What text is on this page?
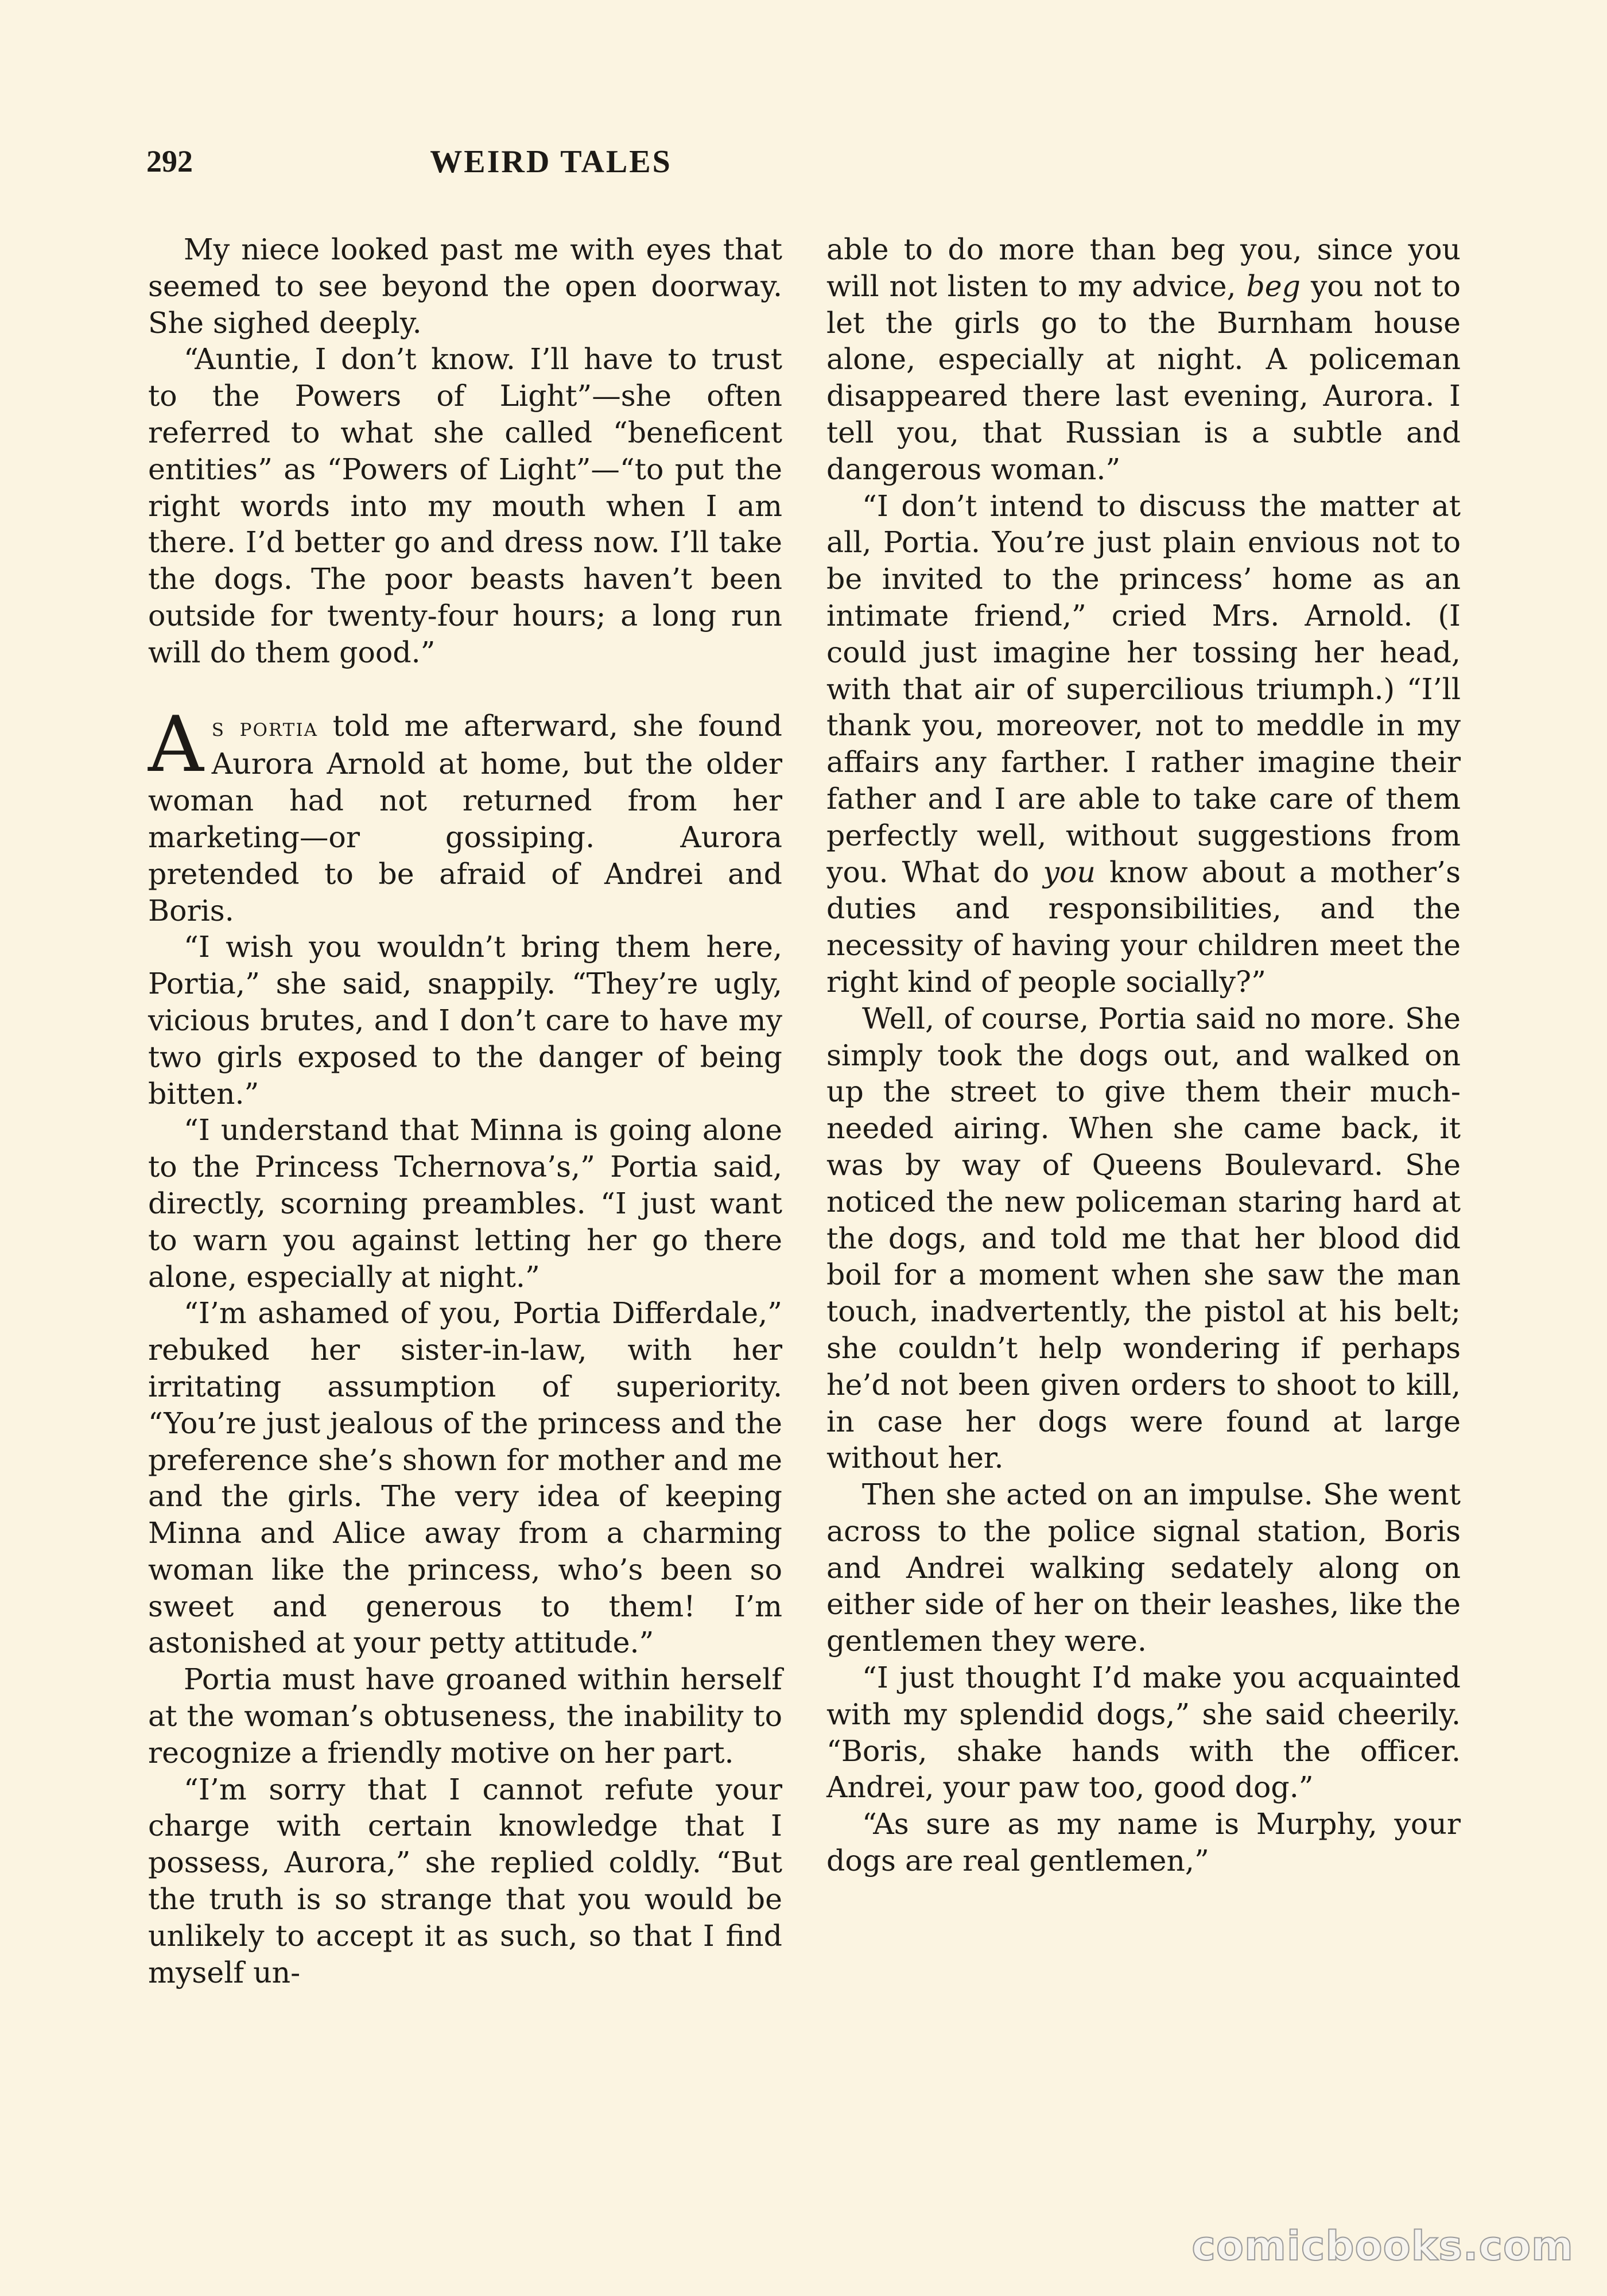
292	WEIRD TALES

My niece looked past me with eyes that seemed to see beyond the open doorway. She sighed deeply.

“Auntie, I don’t know. I’ll have to trust to the Powers of Light”—she often referred to what she called “beneficent entities” as “Powers of Light”—“to put the right words into my mouth when I am there. I’d better go and dress now. I’ll take the dogs. The poor beasts haven’t been outside for twenty-four hours; a long run will do them good.”

As portia told me afterward, she found Aurora Arnold at home, but the older woman had not returned from her marketing—or gossiping. Aurora pretended to be afraid of Andrei and Boris.

“I wish you wouldn’t bring them here, Portia,” she said, snappily. “They’re ugly, vicious brutes, and I don’t care to have my two girls exposed to the danger of being bitten.”

“I understand that Minna is going alone to the Princess Tchernova’s,” Portia said, directly, scorning preambles. “I just want to warn you against letting her go there alone, especially at night.”

“I’m ashamed of you, Portia Differdale,” rebuked her sister-in-law, with her irritating assumption of superiority. “You’re just jealous of the princess and the preference she’s shown for mother and me and the girls. The very idea of keeping Minna and Alice away from a charming woman like the princess, who’s been so sweet and generous to them! I’m astonished at your petty attitude.”

Portia must have groaned within herself at the woman’s obtuseness, the inability to recognize a friendly motive on her part.

“I’m sorry that I cannot refute your charge with certain knowledge that I possess, Aurora,” she replied coldly. “But the truth is so strange that you would be unlikely to accept it as such, so that I find myself un-

able to do more than beg you, since you will not listen to my advice, beg you not to let the girls go to the Burnham house alone, especially at night. A policeman disappeared there last evening, Aurora. I tell you, that Russian is a subtle and dangerous woman.”

“I don’t intend to discuss the matter at all, Portia. You’re just plain envious not to be invited to the princess’ home as an intimate friend,” cried Mrs. Arnold. (I could just imagine her tossing her head, with that air of supercilious triumph.) “I’ll thank you, moreover, not to meddle in my affairs any farther. I rather imagine their father and I are able to take care of them perfectly well, without suggestions from you. What do you know about a mother’s duties and responsibilities, and the necessity of having your children meet the right kind of people socially?”

Well, of course, Portia said no more. She simply took the dogs out, and walked on up the street to give them their much-needed airing. When she came back, it was by way of Queens Boulevard. She noticed the new policeman staring hard at the dogs, and told me that her blood did boil for a moment when she saw the man touch, inadvertently, the pistol at his belt; she couldn’t help wondering if perhaps he’d not been given orders to shoot to kill, in case her dogs were found at large without her.

Then she acted on an impulse. She went across to the police signal station, Boris and Andrei walking sedately along on either side of her on their leashes, like the gentlemen they were.

“I just thought I’d make you acquainted with my splendid dogs,” she said cheerily. “Boris, shake hands with the officer. Andrei, your paw too, good dog.”

“As sure as my name is Murphy, your dogs are real gentlemen,”

comicbooks.com
